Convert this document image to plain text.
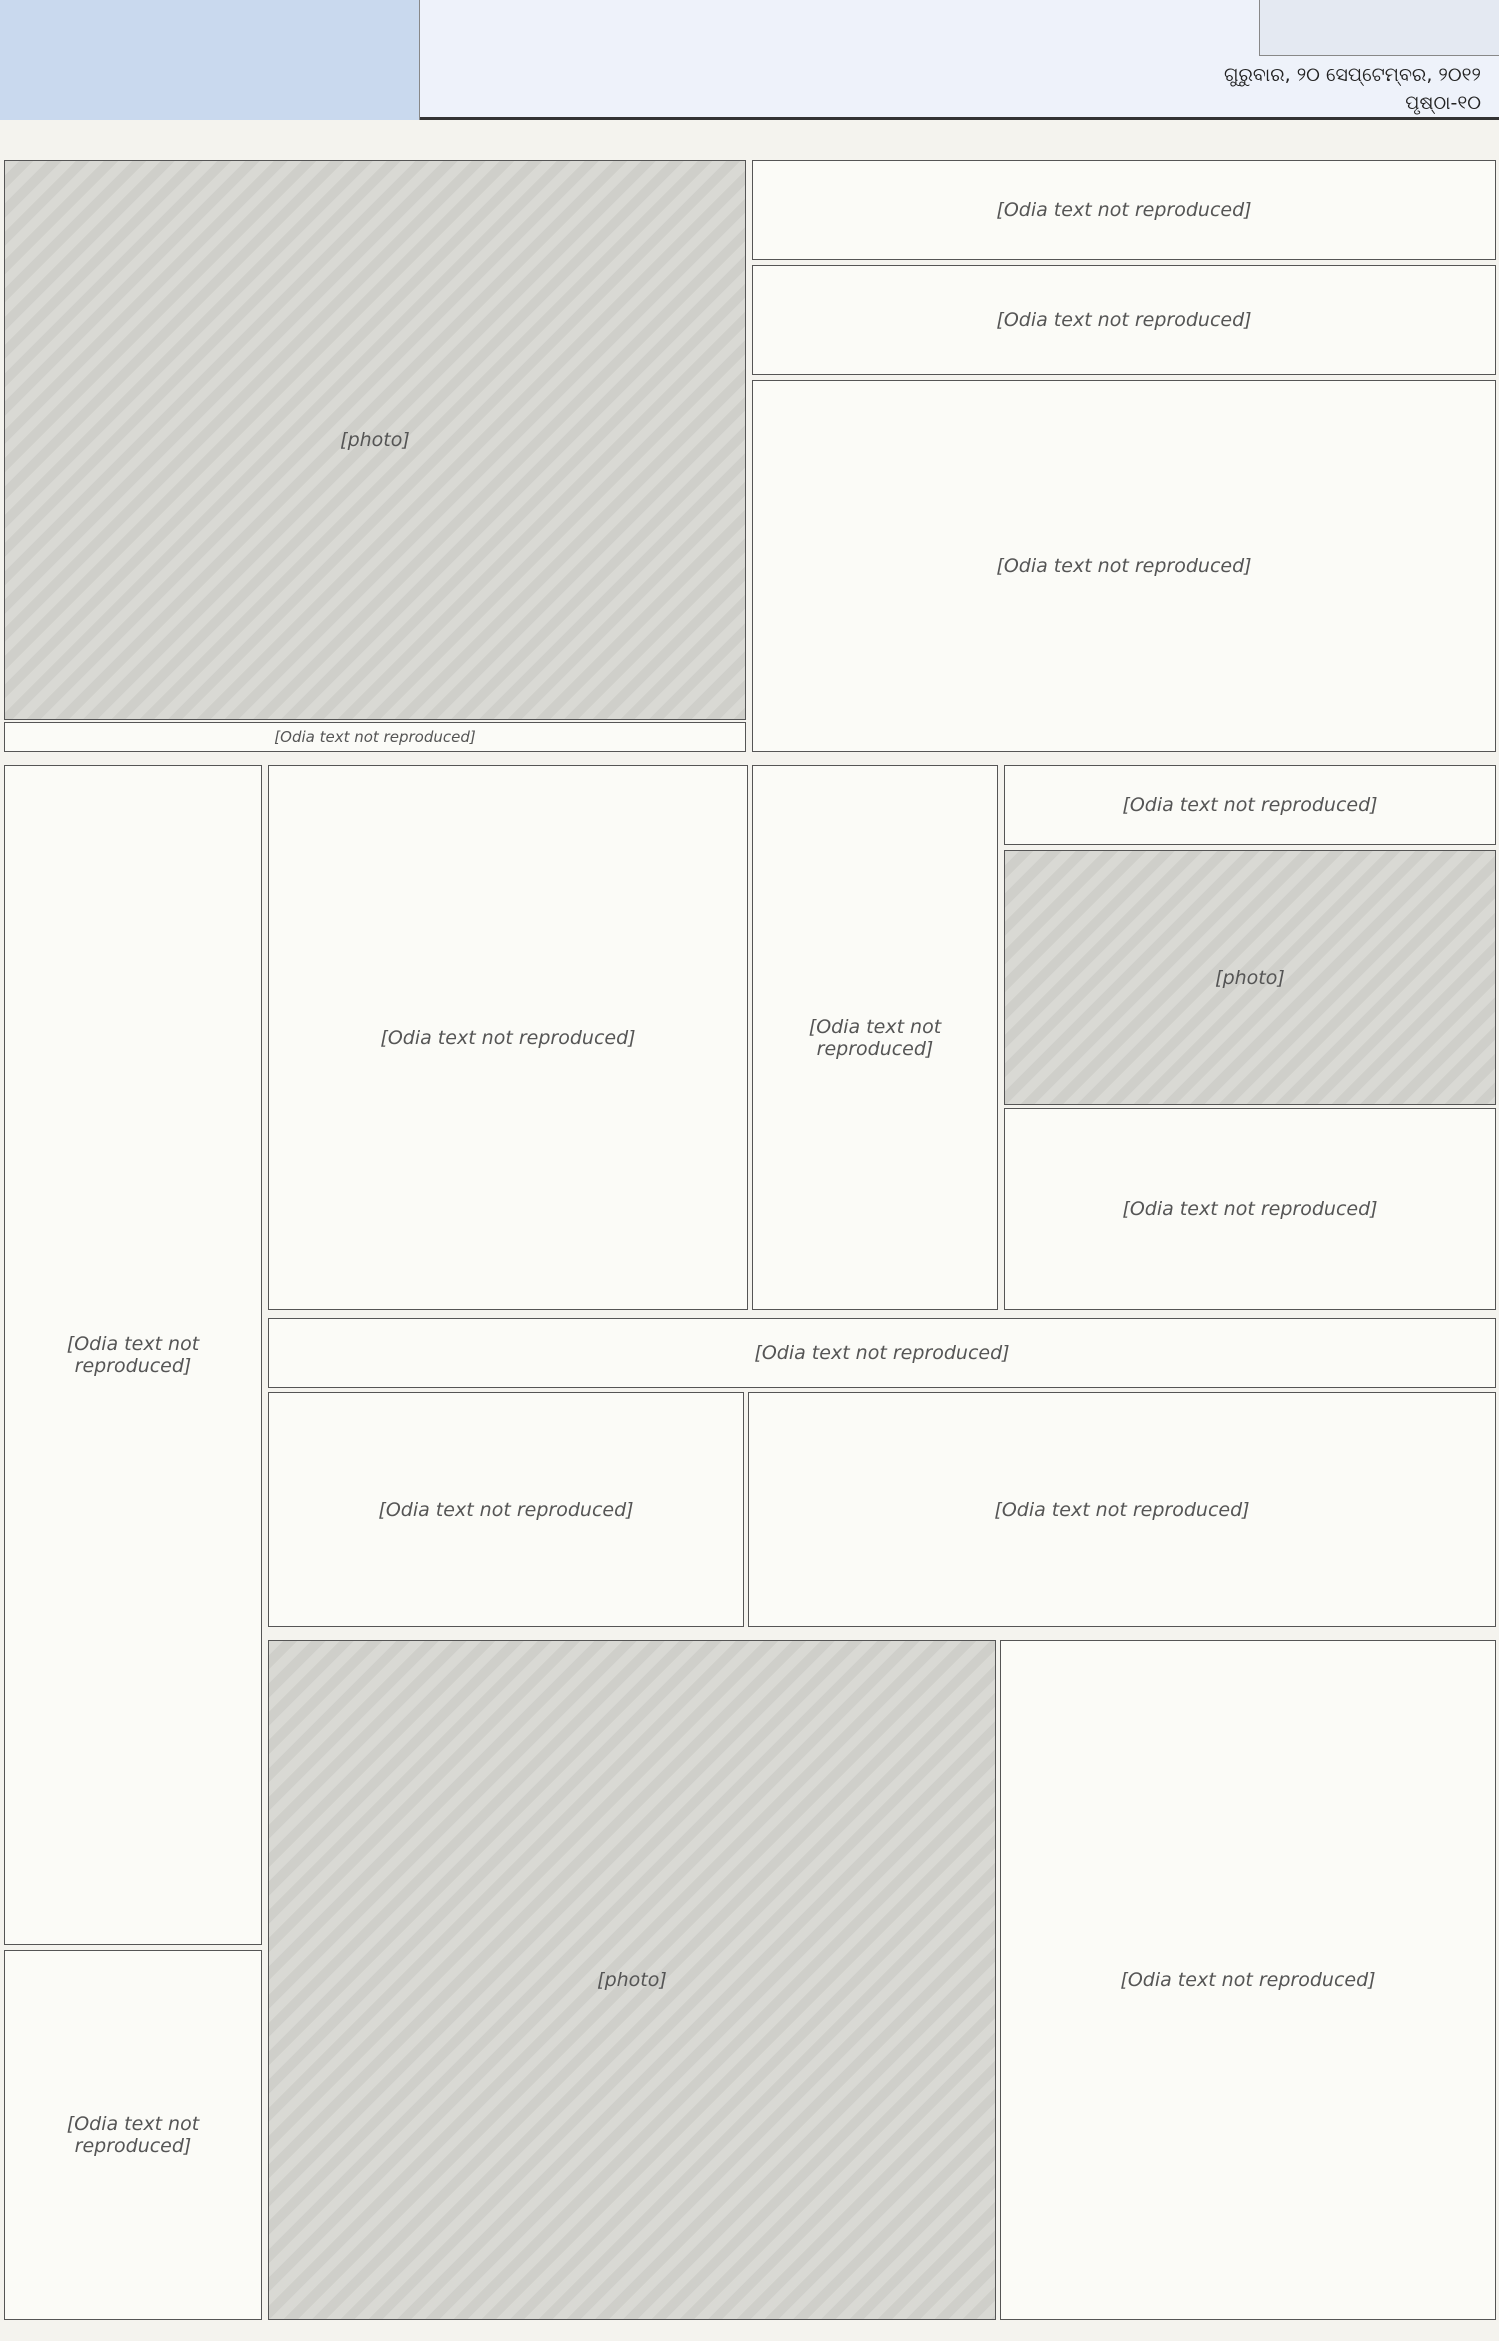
ଗୁରୁବାର, ୨୦ ସେପ୍ଟେମ୍ବର, ୨୦୧୨
ପୃଷ୍ଠା-୧୦
[photo]
[Odia text not reproduced]
[Odia text not reproduced]
[Odia text not reproduced]
[Odia text not reproduced]
[Odia text not reproduced]
[Odia text not reproduced]	[Odia text not reproduced]
[Odia text not reproduced]
[photo]
[Odia text not reproduced]
[Odia text not reproduced]
[Odia text not reproduced]	[Odia text not reproduced]
[photo]	[Odia text not reproduced]
[Odia text not reproduced]
